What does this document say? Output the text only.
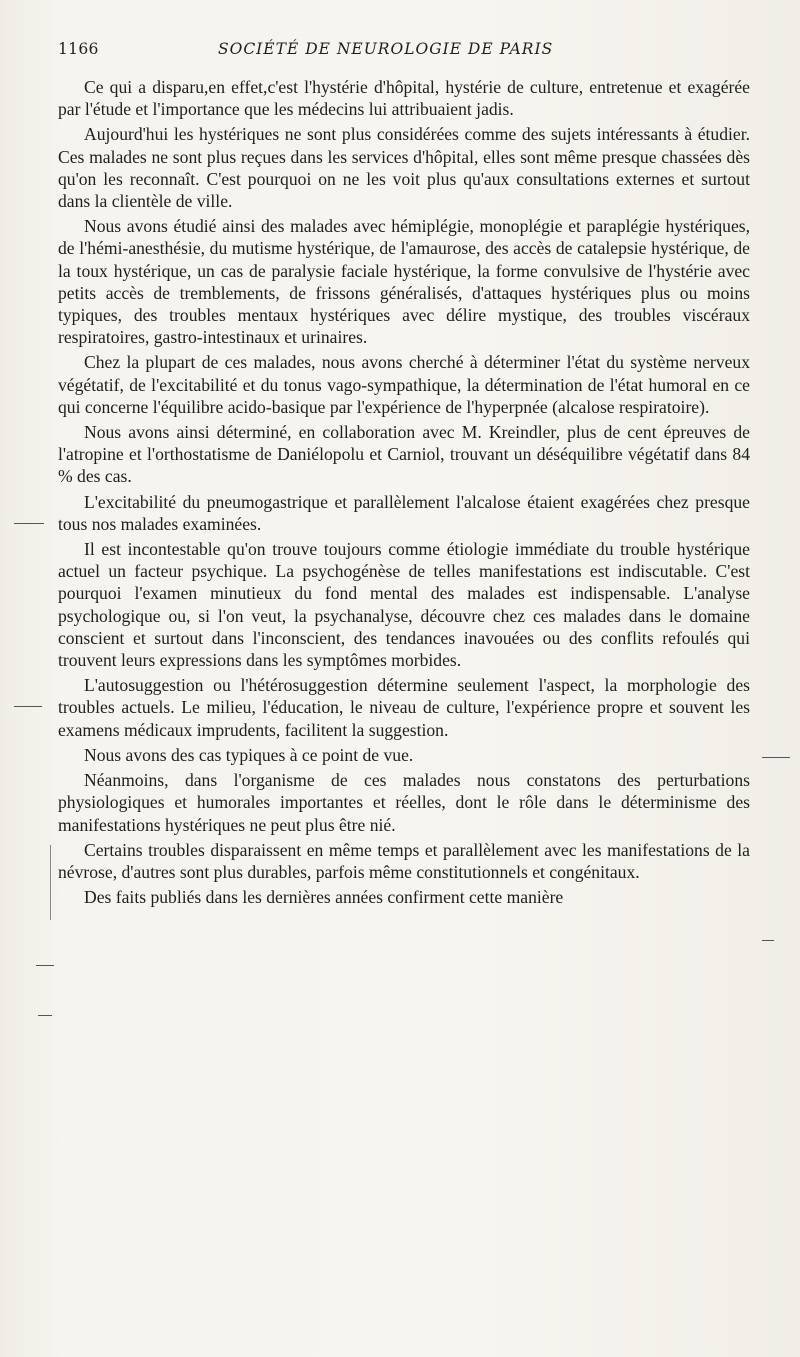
1166	SOCIÉTÉ DE NEUROLOGIE DE PARIS

Ce qui a disparu,en effet,c'est l'hystérie d'hôpital, hystérie de culture, entretenue et exagérée par l'étude et l'importance que les médecins lui attribuaient jadis.

Aujourd'hui les hystériques ne sont plus considérées comme des sujets intéressants à étudier. Ces malades ne sont plus reçues dans les services d'hôpital, elles sont même presque chassées dès qu'on les reconnaît. C'est pourquoi on ne les voit plus qu'aux consultations externes et surtout dans la clientèle de ville.

Nous avons étudié ainsi des malades avec hémiplégie, monoplégie et paraplégie hystériques, de l'hémi-anesthésie, du mutisme hystérique, de l'amaurose, des accès de catalepsie hystérique, de la toux hystérique, un cas de paralysie faciale hystérique, la forme convulsive de l'hystérie avec petits accès de tremblements, de frissons généralisés, d'attaques hystériques plus ou moins typiques, des troubles mentaux hystériques avec délire mystique, des troubles viscéraux respiratoires, gastro-intestinaux et urinaires.

Chez la plupart de ces malades, nous avons cherché à déterminer l'état du système nerveux végétatif, de l'excitabilité et du tonus vago-sympathique, la détermination de l'état humoral en ce qui concerne l'équilibre acido-basique par l'expérience de l'hyperpnée (alcalose respiratoire).

Nous avons ainsi déterminé, en collaboration avec M. Kreindler, plus de cent épreuves de l'atropine et l'orthostatisme de Daniélopolu et Carniol, trouvant un déséquilibre végétatif dans 84 % des cas.

L'excitabilité du pneumogastrique et parallèlement l'alcalose étaient exagérées chez presque tous nos malades examinées.

Il est incontestable qu'on trouve toujours comme étiologie immédiate du trouble hystérique actuel un facteur psychique. La psychogénèse de telles manifestations est indiscutable. C'est pourquoi l'examen minutieux du fond mental des malades est indispensable. L'analyse psychologique ou, si l'on veut, la psychanalyse, découvre chez ces malades dans le domaine conscient et surtout dans l'inconscient, des tendances inavouées ou des conflits refoulés qui trouvent leurs expressions dans les symptômes morbides.

L'autosuggestion ou l'hétérosuggestion détermine seulement l'aspect, la morphologie des troubles actuels. Le milieu, l'éducation, le niveau de culture, l'expérience propre et souvent les examens médicaux imprudents, facilitent la suggestion.

Nous avons des cas typiques à ce point de vue.

Néanmoins, dans l'organisme de ces malades nous constatons des perturbations physiologiques et humorales importantes et réelles, dont le rôle dans le déterminisme des manifestations hystériques ne peut plus être nié.

Certains troubles disparaissent en même temps et parallèlement avec les manifestations de la névrose, d'autres sont plus durables, parfois même constitutionnels et congénitaux.

Des faits publiés dans les dernières années confirment cette manière
